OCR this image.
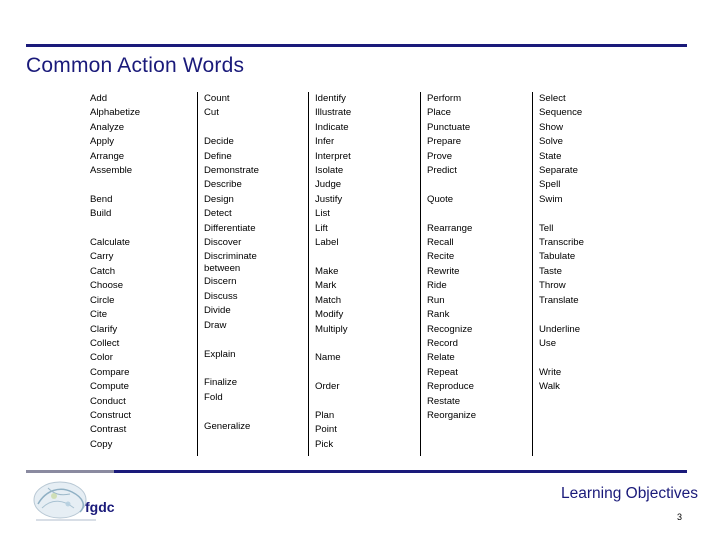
Common Action Words
Add
Alphabetize
Analyze
Apply
Arrange
Assemble

Bend
Build

Calculate
Carry
Catch
Choose
Circle
Cite
Clarify
Collect
Color
Compare
Compute
Conduct
Construct
Contrast
Copy
Count
Cut

Decide
Define
Demonstrate
Describe
Design
Detect
Differentiate
Discover
Discriminate between
Discern
Discuss
Divide
Draw

Explain

Finalize
Fold

Generalize
Identify
Illustrate
Indicate
Infer
Interpret
Isolate
Judge
Justify
List
Lift
Label

Make
Mark
Match
Modify
Multiply

Name

Order

Plan
Point
Pick
Perform
Place
Punctuate
Prepare
Prove
Predict

Quote

Rearrange
Recall
Recite
Rewrite
Ride
Run
Rank
Recognize
Record
Relate
Repeat
Reproduce
Restate
Reorganize
Select
Sequence
Show
Solve
State
Separate
Spell
Swim

Tell
Transcribe
Tabulate
Taste
Throw
Translate

Underline
Use

Write
Walk
fgdc
Learning Objectives
3
